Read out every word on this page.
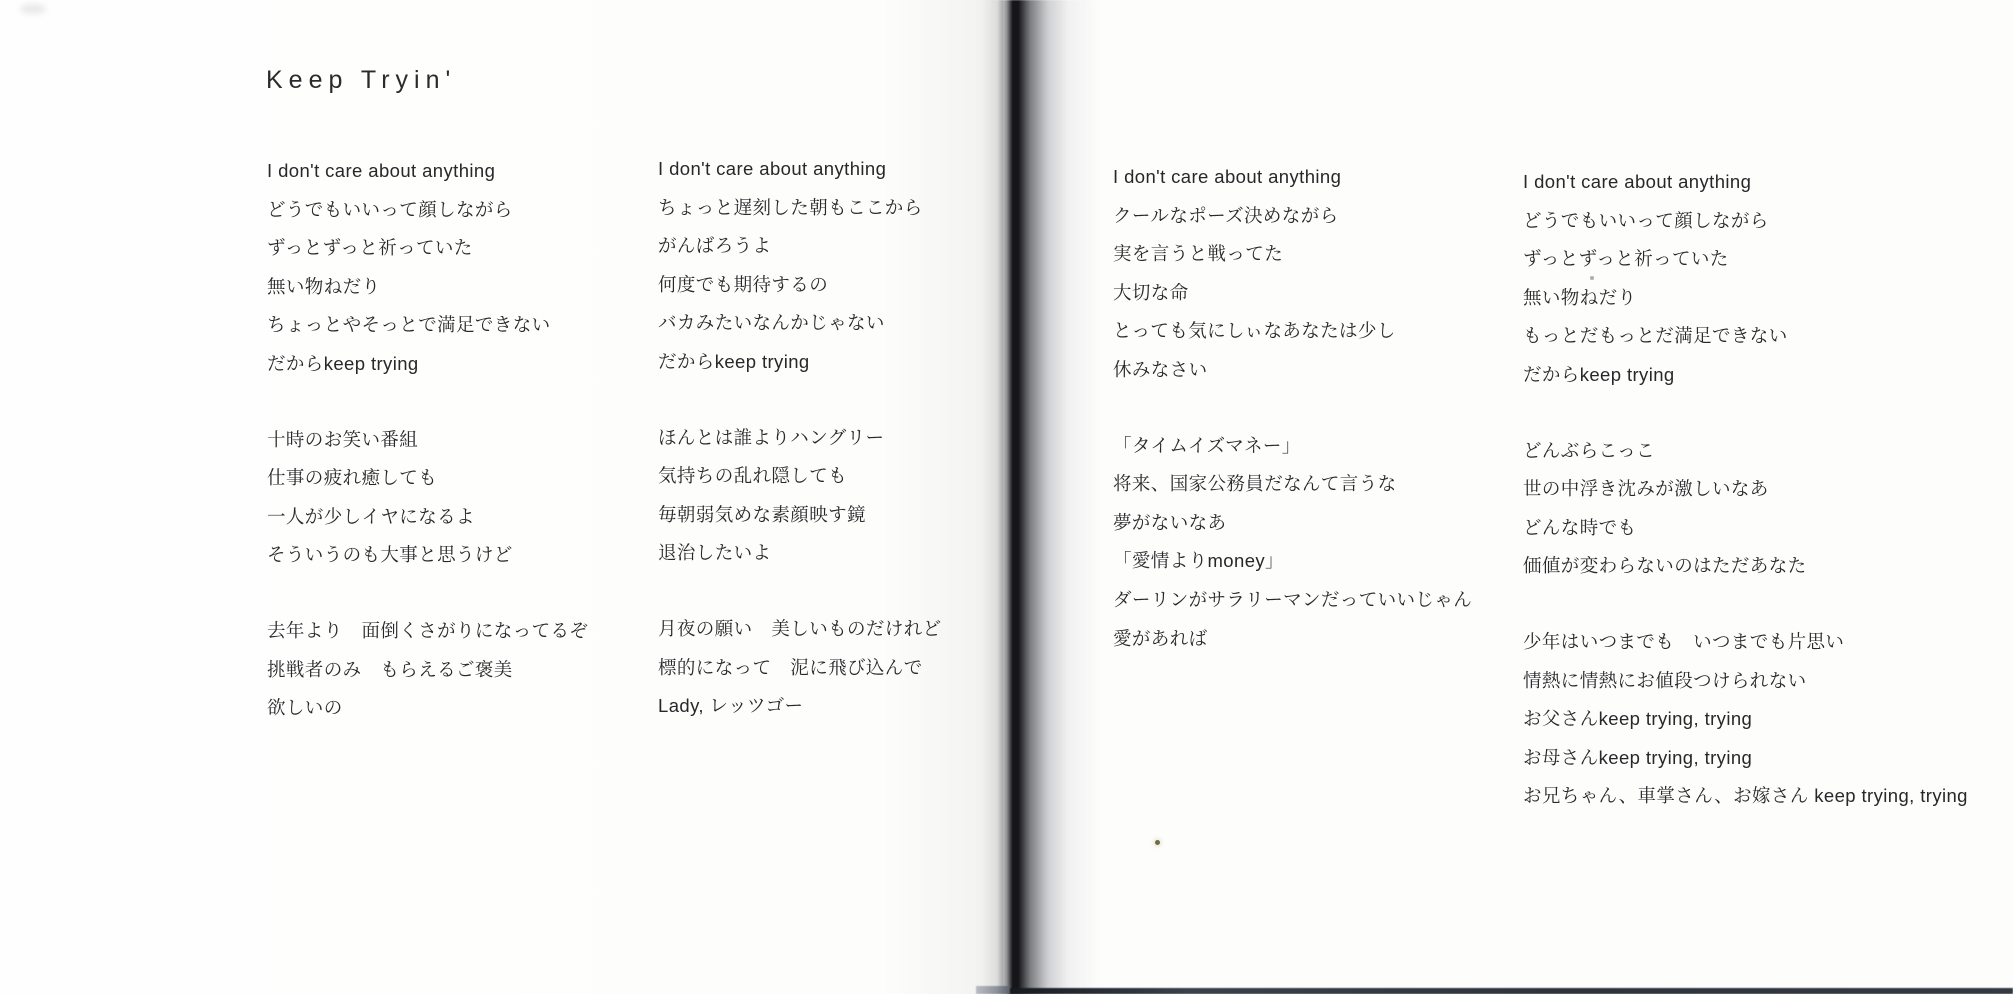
Keep Tryin'
I don't care about anything
どうでもいいって顔しながら
ずっとずっと祈っていた
無い物ねだり
ちょっとやそっとで満足できない
だからkeep trying
十時のお笑い番組
仕事の疲れ癒しても
一人が少しイヤになるよ
そういうのも大事と思うけど
去年より　面倒くさがりになってるぞ
挑戦者のみ　もらえるご褒美
欲しいの
I don't care about anything
ちょっと遅刻した朝もここから
がんばろうよ
何度でも期待するの
バカみたいなんかじゃない
だからkeep trying
ほんとは誰よりハングリー
気持ちの乱れ隠しても
毎朝弱気めな素顔映す鏡
退治したいよ
月夜の願い　美しいものだけれど
標的になって　泥に飛び込んで
Lady, レッツゴー
I don't care about anything
クールなポーズ決めながら
実を言うと戦ってた
大切な命
とっても気にしぃなあなたは少し
休みなさい
「タイムイズマネー」
将来、国家公務員だなんて言うな
夢がないなあ
「愛情よりmoney」
ダーリンがサラリーマンだっていいじゃん
愛があれば
I don't care about anything
どうでもいいって顔しながら
ずっとずっと祈っていた
無い物ねだり
もっとだもっとだ満足できない
だからkeep trying
どんぶらこっこ
世の中浮き沈みが激しいなあ
どんな時でも
価値が変わらないのはただあなた
少年はいつまでも　いつまでも片思い
情熱に情熱にお値段つけられない
お父さんkeep trying, trying
お母さんkeep trying, trying
お兄ちゃん、車掌さん、お嫁さん keep trying, trying
